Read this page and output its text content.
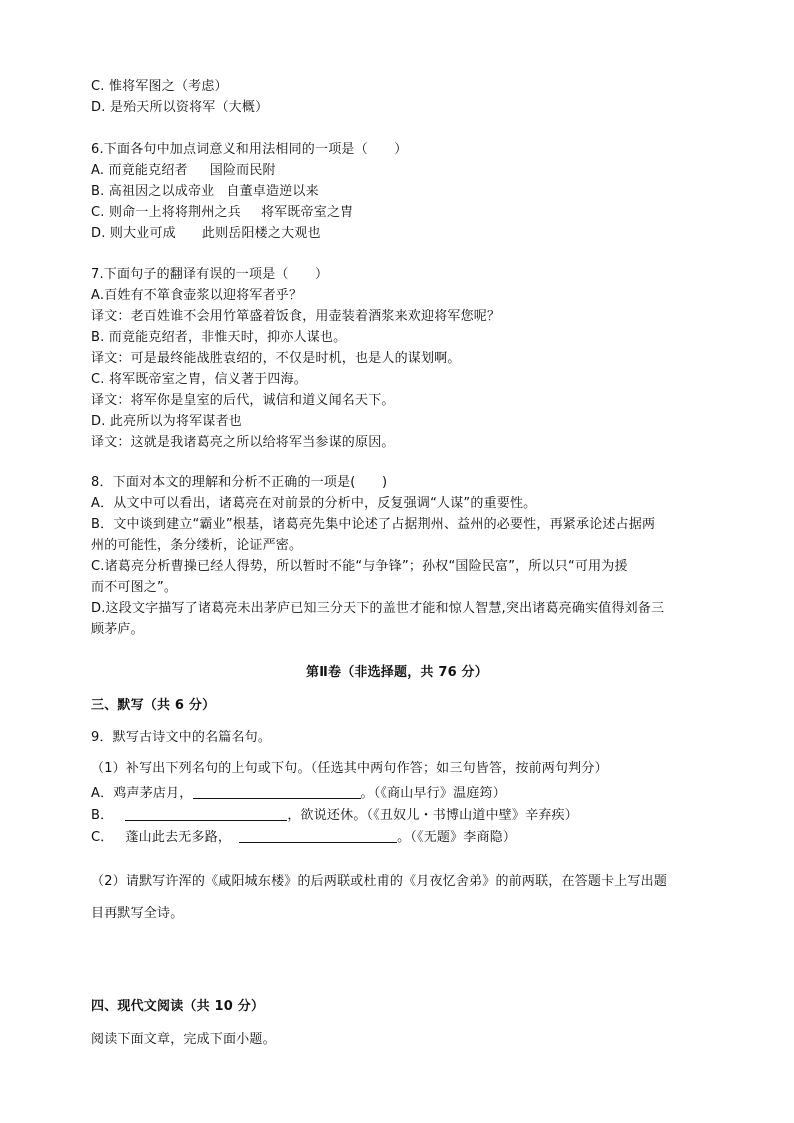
C. 惟将军图之（考虑）
D. 是殆天所以资将军（大概）
6.下面各句中加点词意义和用法相同的一项是（　　）
A. 而竟能克绍者 国险而民附
B. 高祖因之以成帝业 自董卓造逆以来
C. 则命一上将将荆州之兵 将军既帝室之胄
D. 则大业可成 此则岳阳楼之大观也
7.下面句子的翻译有误的一项是（　　）
A.百姓有不箪食壶浆以迎将军者乎？
译文：老百姓谁不会用竹箪盛着饭食，用壶装着酒浆来欢迎将军您呢？
B. 而竟能克绍者，非惟天时，抑亦人谋也。
译文：可是最终能战胜袁绍的，不仅是时机，也是人的谋划啊。
C. 将军既帝室之胄，信义著于四海。
译文：将军你是皇室的后代，诚信和道义闻名天下。
D. 此亮所以为将军谋者也
译文：这就是我诸葛亮之所以给将军当参谋的原因。
8．下面对本文的理解和分析不正确的一项是(　　)
A．从文中可以看出，诸葛亮在对前景的分析中，反复强调“人谋”的重要性。
B．文中谈到建立“霸业”根基，诸葛亮先集中论述了占据荆州、益州的必要性，再紧承论述占据两
州的可能性，条分缕析，论证严密。
C.诸葛亮分析曹操已经人得势，所以暂时不能“与争锋”；孙权“国险民富”，所以只“可用为援
而不可图之”。
D.这段文字描写了诸葛亮未出茅庐已知三分天下的盖世才能和惊人智慧,突出诸葛亮确实值得刘备三
顾茅庐。
第Ⅱ卷（非选择题，共 76 分）
三、默写（共 6 分）
9．默写古诗文中的名篇名句。
（1）补写出下列名句的上句或下句。（任选其中两句作答；如三句皆答，按前两句判分）
A．鸡声茅店月，	。（《商山早行》温庭筠）
B．	，欲说还休。（《丑奴儿・书博山道中壁》辛弃疾）
C． 蓬山此去无多路，	。（《无题》李商隐）
（2）请默写许浑的《咸阳城东楼》的后两联或杜甫的《月夜忆舍弟》的前两联，在答题卡上写出题
目再默写全诗。
四、现代文阅读（共 10 分）
阅读下面文章，完成下面小题。
